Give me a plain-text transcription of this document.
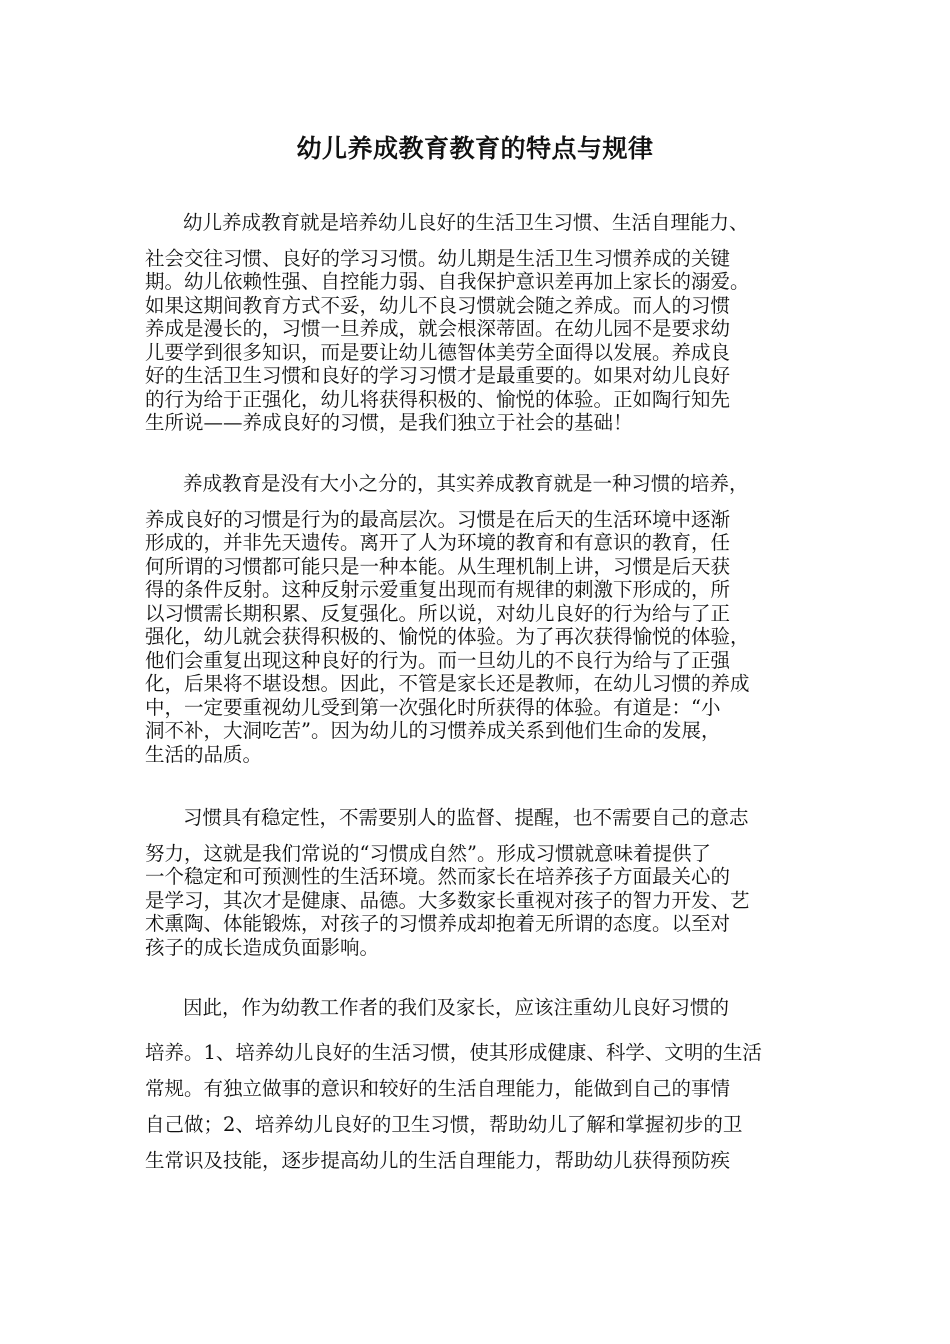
幼儿养成教育教育的特点与规律
幼儿养成教育就是培养幼儿良好的生活卫生习惯、生活自理能力、
社会交往习惯、良好的学习习惯。幼儿期是生活卫生习惯养成的关键
期。幼儿依赖性强、自控能力弱、自我保护意识差再加上家长的溺爱。
如果这期间教育方式不妥，幼儿不良习惯就会随之养成。而人的习惯
养成是漫长的，习惯一旦养成，就会根深蒂固。在幼儿园不是要求幼
儿要学到很多知识，而是要让幼儿德智体美劳全面得以发展。养成良
好的生活卫生习惯和良好的学习习惯才是最重要的。如果对幼儿良好
的行为给于正强化，幼儿将获得积极的、愉悦的体验。正如陶行知先
生所说——养成良好的习惯，是我们独立于社会的基础！
养成教育是没有大小之分的，其实养成教育就是一种习惯的培养，
养成良好的习惯是行为的最高层次。习惯是在后天的生活环境中逐渐
形成的，并非先天遗传。离开了人为环境的教育和有意识的教育，任
何所谓的习惯都可能只是一种本能。从生理机制上讲，习惯是后天获
得的条件反射。这种反射示爱重复出现而有规律的刺激下形成的，所
以习惯需长期积累、反复强化。所以说，对幼儿良好的行为给与了正
强化，幼儿就会获得积极的、愉悦的体验。为了再次获得愉悦的体验，
他们会重复出现这种良好的行为。而一旦幼儿的不良行为给与了正强
化，后果将不堪设想。因此，不管是家长还是教师，在幼儿习惯的养成
中，一定要重视幼儿受到第一次强化时所获得的体验。有道是：“小
洞不补，大洞吃苦”。因为幼儿的习惯养成关系到他们生命的发展，
生活的品质。
习惯具有稳定性，不需要别人的监督、提醒，也不需要自己的意志
努力，这就是我们常说的“习惯成自然”。形成习惯就意味着提供了
一个稳定和可预测性的生活环境。然而家长在培养孩子方面最关心的
是学习，其次才是健康、品德。大多数家长重视对孩子的智力开发、艺
术熏陶、体能锻炼，对孩子的习惯养成却抱着无所谓的态度。以至对
孩子的成长造成负面影响。
因此，作为幼教工作者的我们及家长，应该注重幼儿良好习惯的
培养。1、培养幼儿良好的生活习惯，使其形成健康、科学、文明的生活
常规。有独立做事的意识和较好的生活自理能力，能做到自己的事情
自己做；2、培养幼儿良好的卫生习惯，帮助幼儿了解和掌握初步的卫
生常识及技能，逐步提高幼儿的生活自理能力，帮助幼儿获得预防疾
